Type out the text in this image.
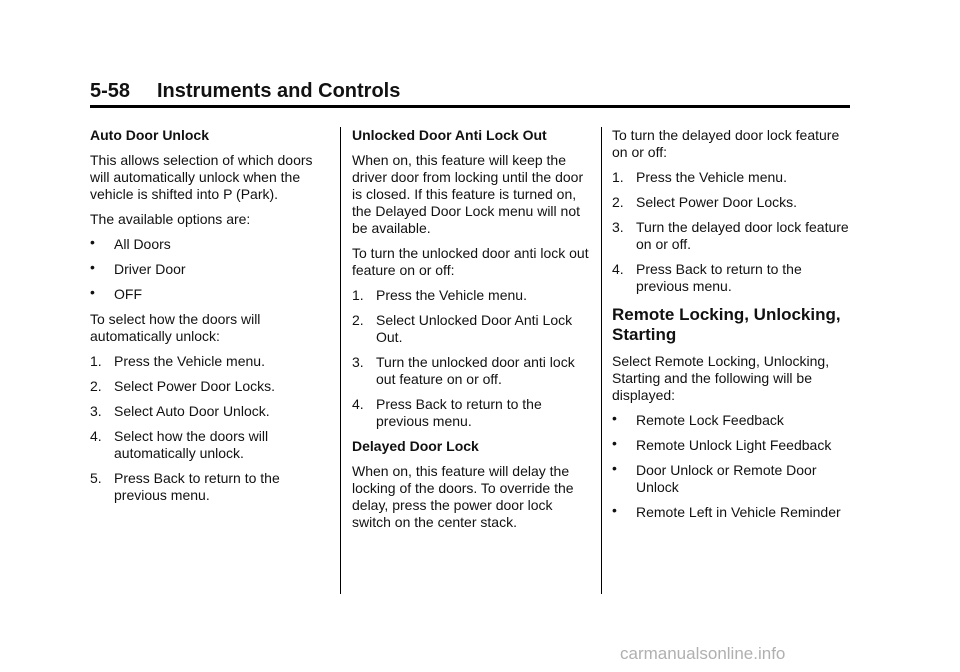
5-58 Instruments and Controls

Auto Door Unlock

This allows selection of which doors will automatically unlock when the vehicle is shifted into P (Park).

The available options are:

• All Doors
• Driver Door
• OFF

To select how the doors will automatically unlock:

1. Press the Vehicle menu.
2. Select Power Door Locks.
3. Select Auto Door Unlock.
4. Select how the doors will automatically unlock.
5. Press Back to return to the previous menu.

Unlocked Door Anti Lock Out

When on, this feature will keep the driver door from locking until the door is closed. If this feature is turned on, the Delayed Door Lock menu will not be available.

To turn the unlocked door anti lock out feature on or off:

1. Press the Vehicle menu.
2. Select Unlocked Door Anti Lock Out.
3. Turn the unlocked door anti lock out feature on or off.
4. Press Back to return to the previous menu.

Delayed Door Lock

When on, this feature will delay the locking of the doors. To override the delay, press the power door lock switch on the center stack.

To turn the delayed door lock feature on or off:

1. Press the Vehicle menu.
2. Select Power Door Locks.
3. Turn the delayed door lock feature on or off.
4. Press Back to return to the previous menu.

Remote Locking, Unlocking, Starting

Select Remote Locking, Unlocking, Starting and the following will be displayed:

• Remote Lock Feedback
• Remote Unlock Light Feedback
• Door Unlock or Remote Door Unlock
• Remote Left in Vehicle Reminder
carmanualsonline.info
